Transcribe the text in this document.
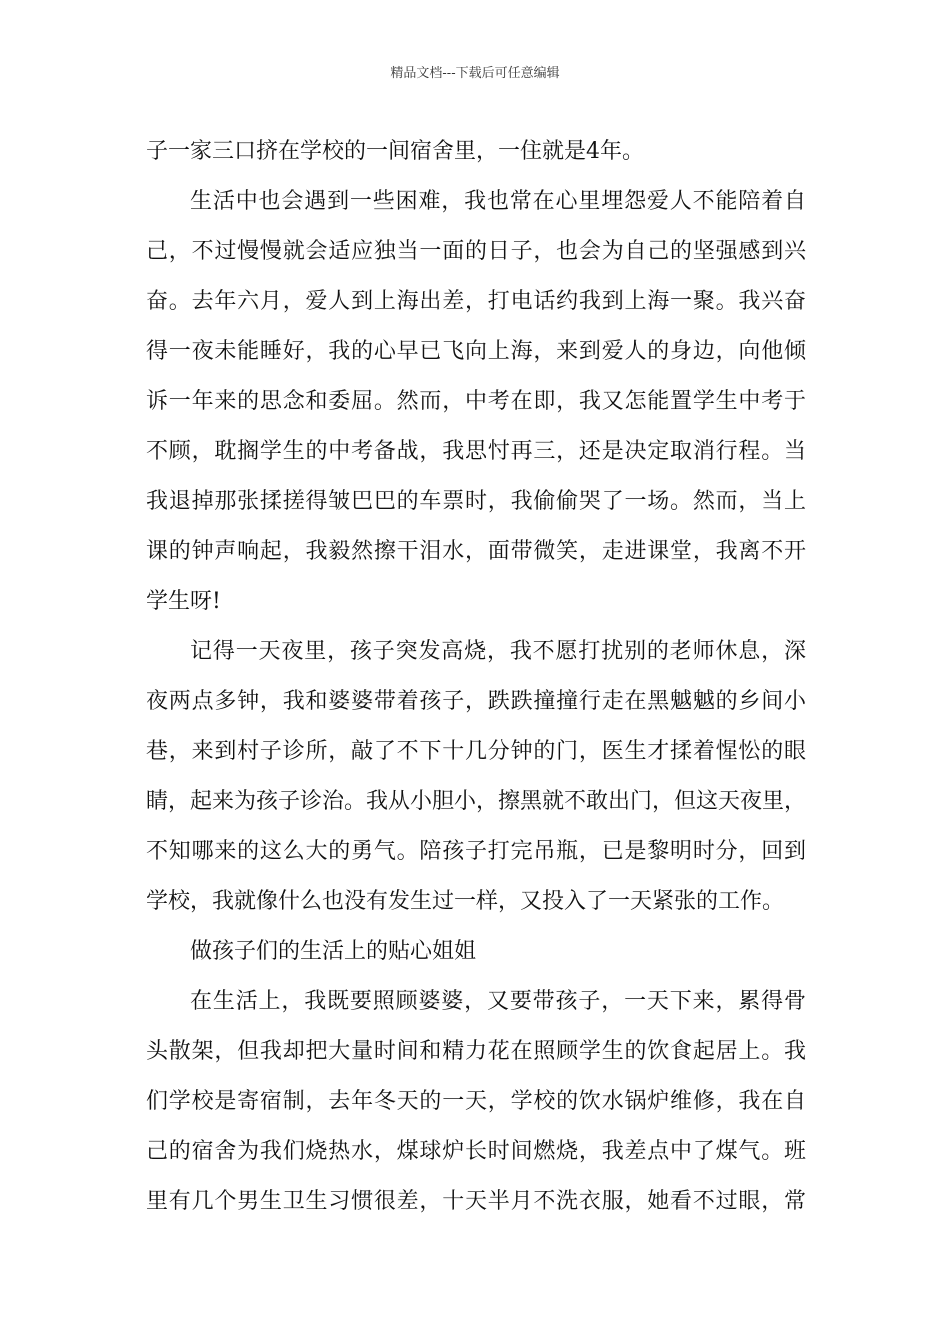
精品文档---下载后可任意编辑

子一家三口挤在学校的一间宿舍里，一住就是4年。

生活中也会遇到一些困难，我也常在心里埋怨爱人不能陪着自
己，不过慢慢就会适应独当一面的日子，也会为自己的坚强感到兴
奋。去年六月，爱人到上海出差，打电话约我到上海一聚。我兴奋
得一夜未能睡好，我的心早已飞向上海，来到爱人的身边，向他倾
诉一年来的思念和委屈。然而，中考在即，我又怎能置学生中考于
不顾，耽搁学生的中考备战，我思忖再三，还是决定取消行程。当
我退掉那张揉搓得皱巴巴的车票时，我偷偷哭了一场。然而，当上
课的钟声响起，我毅然擦干泪水，面带微笑，走进课堂，我离不开
学生呀!

记得一天夜里，孩子突发高烧，我不愿打扰别的老师休息，深
夜两点多钟，我和婆婆带着孩子，跌跌撞撞行走在黑魆魆的乡间小
巷，来到村子诊所，敲了不下十几分钟的门，医生才揉着惺忪的眼
睛，起来为孩子诊治。我从小胆小，擦黑就不敢出门，但这天夜里，
不知哪来的这么大的勇气。陪孩子打完吊瓶，已是黎明时分，回到
学校，我就像什么也没有发生过一样，又投入了一天紧张的工作。

做孩子们的生活上的贴心姐姐

在生活上，我既要照顾婆婆，又要带孩子，一天下来，累得骨
头散架，但我却把大量时间和精力花在照顾学生的饮食起居上。我
们学校是寄宿制，去年冬天的一天，学校的饮水锅炉维修，我在自
己的宿舍为我们烧热水，煤球炉长时间燃烧，我差点中了煤气。班
里有几个男生卫生习惯很差，十天半月不洗衣服，她看不过眼，常
